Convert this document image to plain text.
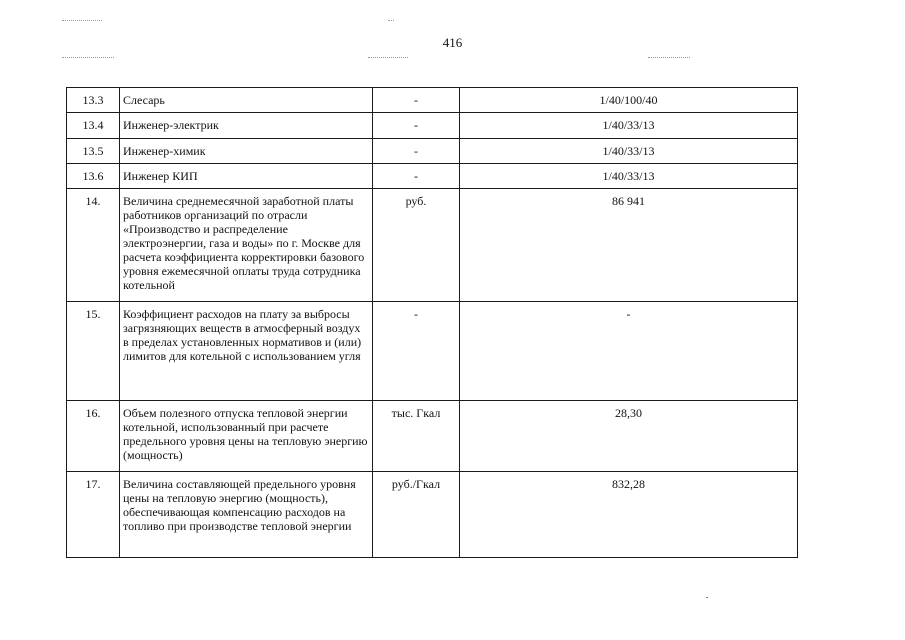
416
13.3	Слесарь	-	1/40/100/40
13.4	Инженер-электрик	-	1/40/33/13
13.5	Инженер-химик	-	1/40/33/13
13.6	Инженер КИП	-	1/40/33/13
14.	Величина среднемесячной заработной платы работников организаций по отрасли «Производство и распределение электроэнергии, газа и воды» по г. Москве для расчета коэффициента корректировки базового уровня ежемесячной оплаты труда сотрудника котельной	руб.	86 941
15.	Коэффициент расходов на плату за выбросы загрязняющих веществ в атмосферный воздух в пределах установленных нормативов и (или) лимитов для котельной с использованием угля	-	-
16.	Объем полезного отпуска тепловой энергии котельной, использованный при расчете предельного уровня цены на тепловую энергию (мощность)	тыс. Гкал	28,30
17.	Величина составляющей предельного уровня цены на тепловую энергию (мощность), обеспечивающая компенсацию расходов на топливо при производстве тепловой энергии	руб./Гкал	832,28
